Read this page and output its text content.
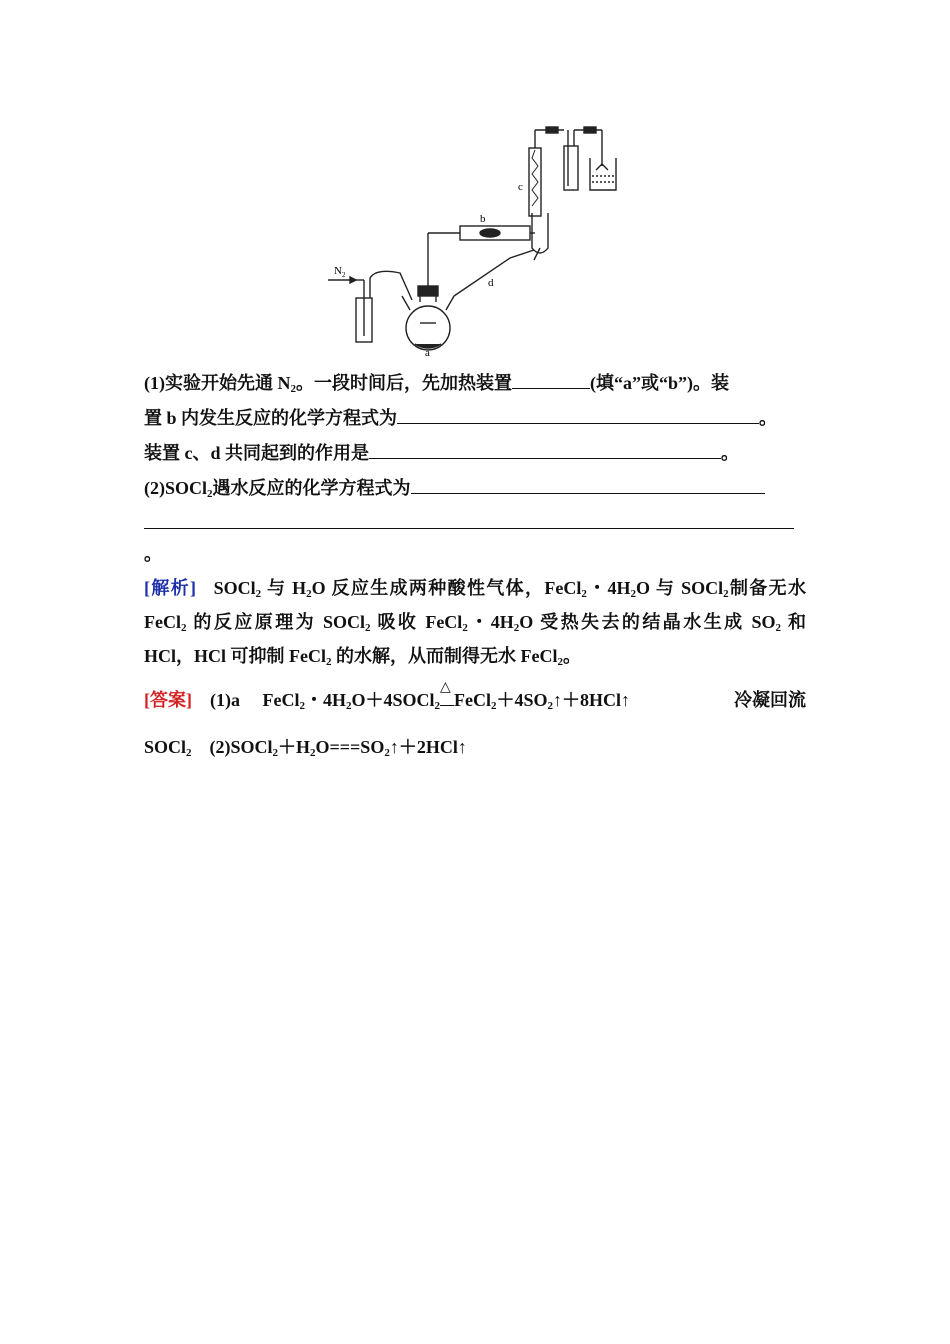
N 2
a
b
c
d
(1)实验开始先通 $N_2$。一段时间后，先加热装置	(填“a”或“b”)。装
置 b 内发生反应的化学方程式为	。
装置 c、d 共同起到的作用是	。
(2)SOCl$_2$遇水反应的化学方程式为
。
[解析] SOCl$_2$ 与 $H_2O$ 反应生成两种酸性气体，FeCl$_2$・$4H_2O$ 与 SOCl$_2$制备无水
FeCl$_2$ 的反应原理为 SOCl$_2$ 吸收 FeCl$_2$・$4H_2O$ 受热失去的结晶水生成 $SO_2$ 和
HCl，HCl 可抑制 FeCl$_2$ 的水解，从而制得无水 FeCl$_2$。
[答案] (1)a FeCl$_2$・$4H_2O+4SOCl_2$
△
$FeCl_2+4SO_2↑+8HCl↑$	冷凝回流
SOCl$_2$ $(2)SOCl_2+H_2O===SO_2↑+2HCl↑$
